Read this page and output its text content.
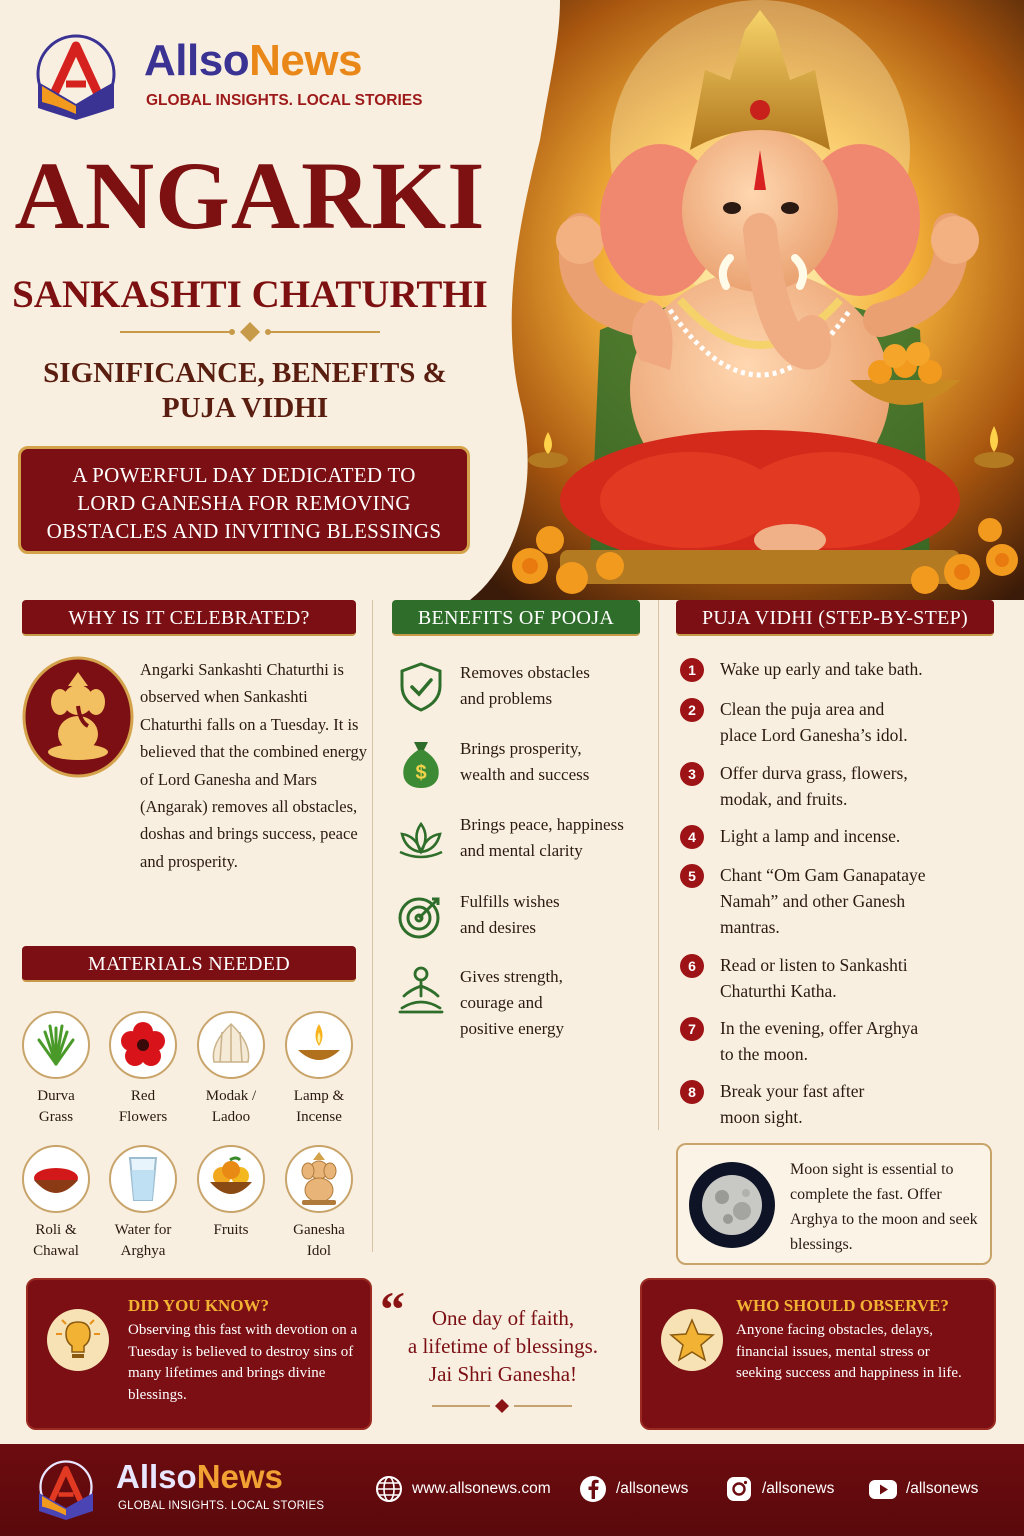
AllsoNews
GLOBAL INSIGHTS. LOCAL STORIES
ANGARKI
SANKASHTI CHATURTHI
SIGNIFICANCE, BENEFITS &
PUJA VIDHI
A POWERFUL DAY DEDICATED TO
LORD GANESHA FOR REMOVING
OBSTACLES AND INVITING BLESSINGS
WHY IS IT CELEBRATED?
Angarki Sankashti Chaturthi is observed when Sankashti Chaturthi falls on a Tuesday. It is believed that the combined energy of Lord Ganesha and Mars (Angarak) removes all obstacles, doshas and brings success, peace and prosperity.
MATERIALS NEEDED
Durva
Grass
Red
Flowers
Modak /
Ladoo
Lamp &
Incense
Roli &
Chawal
Water for
Arghya
Fruits	Ganesha
Idol
BENEFITS OF POOJA
Removes obstacles
and problems
$
Brings prosperity,
wealth and success
Brings peace, happiness
and mental clarity
Fulfills wishes
and desires
Gives strength,
courage and
positive energy
PUJA VIDHI (STEP-BY-STEP)
1	Wake up early and take bath.
2	Clean the puja area and
place Lord Ganesha’s idol.
3	Offer durva grass, flowers,
modak, and fruits.
4	Light a lamp and incense.
5	Chant “Om Gam Ganapataye
Namah” and other Ganesh
mantras.
6	Read or listen to Sankashti
Chaturthi Katha.
7	In the evening, offer Arghya
to the moon.
8	Break your fast after
moon sight.
Moon sight is essential to complete the fast. Offer Arghya to the moon and seek blessings.
DID YOU KNOW?
Observing this fast with devotion on a Tuesday is believed to destroy sins of many lifetimes and brings divine blessings.
“	One day of faith,
a lifetime of blessings.
Jai Shri Ganesha!
WHO SHOULD OBSERVE?
Anyone facing obstacles, delays, financial issues, mental stress or seeking success and happiness in life.
AllsoNews
GLOBAL INSIGHTS. LOCAL STORIES
www.allsonews.com	/allsonews	/allsonews	/allsonews
